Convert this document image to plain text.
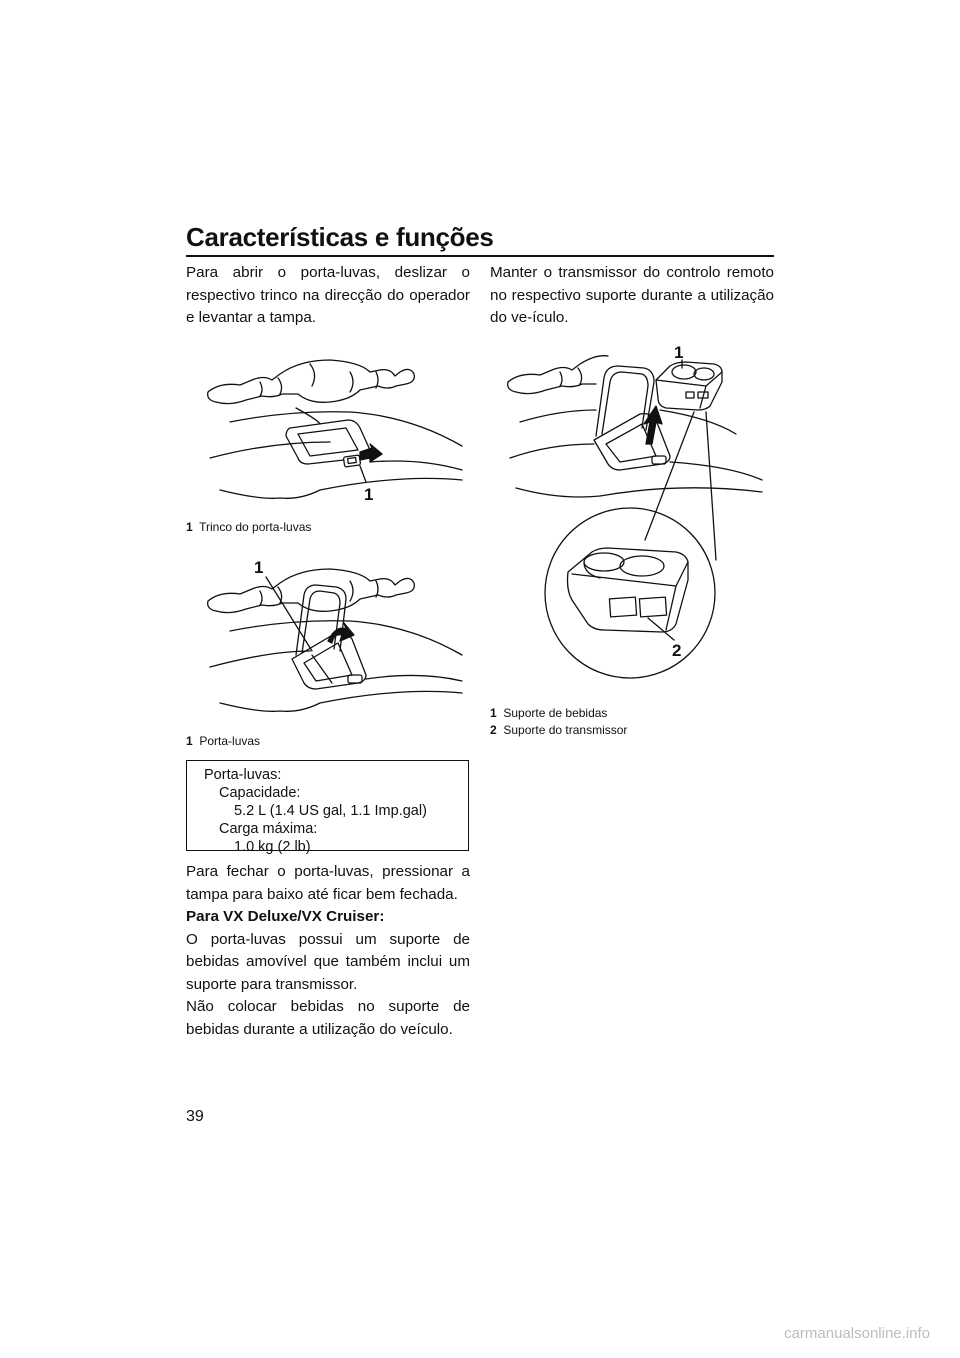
Características e funções

Para abrir o porta-luvas, deslizar o respectivo trinco na direcção do operador e levantar a tampa.

1
1 Trinco do porta-luvas
1
1 Porta-luvas
Porta-luvas:
Capacidade:
5.2 L (1.4 US gal, 1.1 Imp.gal)
Carga máxima:
1.0 kg (2 lb)

Para fechar o porta-luvas, pressionar a tampa para baixo até ficar bem fechada.

Para VX Deluxe/VX Cruiser:

O porta-luvas possui um suporte de bebidas amovível que também inclui um suporte para transmissor.

Não colocar bebidas no suporte de bebidas durante a utilização do veículo.

Manter o transmissor do controlo remoto no respectivo suporte durante a utilização do ve-ículo.

1
2
1 Suporte de bebidas
2 Suporte do transmissor
39
carmanualsonline.info
